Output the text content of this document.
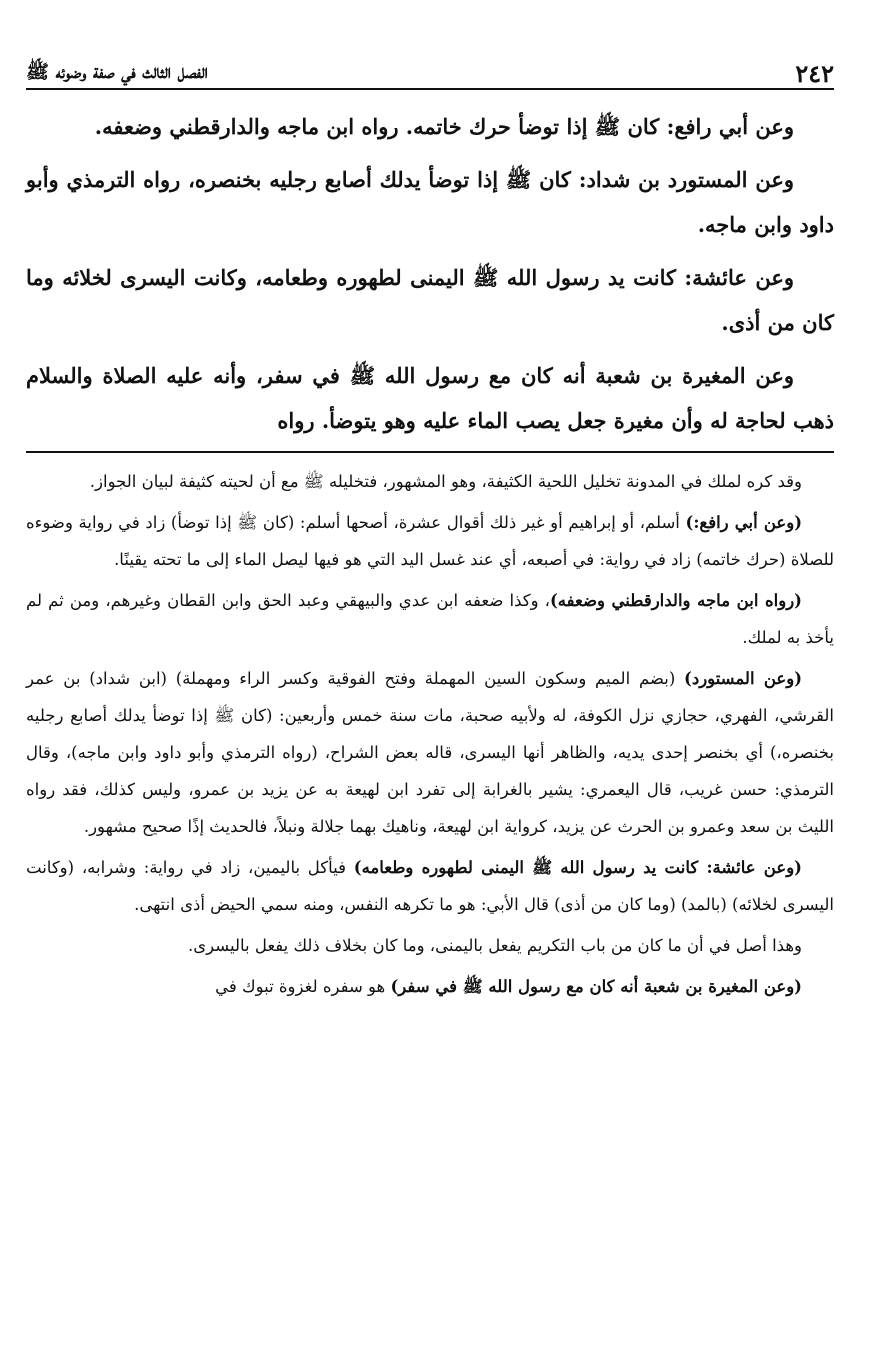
٢٤٢
الفصل الثالث في صفة وضوئه ﷺ

وعن أبي رافع: كان ﷺ إذا توضأ حرك خاتمه. رواه ابن ماجه والدارقطني وضعفه.

وعن المستورد بن شداد: كان ﷺ إذا توضأ يدلك أصابع رجليه بخنصره، رواه الترمذي وأبو داود وابن ماجه.

وعن عائشة: كانت يد رسول الله ﷺ اليمنى لطهوره وطعامه، وكانت اليسرى لخلائه وما كان من أذى.

وعن المغيرة بن شعبة أنه كان مع رسول الله ﷺ في سفر، وأنه عليه الصلاة والسلام ذهب لحاجة له وأن مغيرة جعل يصب الماء عليه وهو يتوضأ. رواه

وقد كره لملك في المدونة تخليل اللحية الكثيفة، وهو المشهور، فتخليله ﷺ مع أن لحيته كثيفة لبيان الجواز.

(وعن أبي رافع:) أسلم، أو إبراهيم أو غير ذلك أقوال عشرة، أصحها أسلم: (كان ﷺ إذا توضأ) زاد في رواية وضوءه للصلاة (حرك خاتمه) زاد في رواية: في أصبعه، أي عند غسل اليد التي هو فيها ليصل الماء إلى ما تحته يقينًا.

(رواه ابن ماجه والدارقطني وضعفه)، وكذا ضعفه ابن عدي والبيهقي وعبد الحق وابن القطان وغيرهم، ومن ثم لم يأخذ به لملك.

(وعن المستورد) (بضم الميم وسكون السين المهملة وفتح الفوقية وكسر الراء ومهملة) (ابن شداد) بن عمر القرشي، الفهري، حجازي نزل الكوفة، له ولأبيه صحبة، مات سنة خمس وأربعين: (كان ﷺ إذا توضأ يدلك أصابع رجليه بخنصره،) أي بخنصر إحدى يديه، والظاهر أنها اليسرى، قاله بعض الشراح، (رواه الترمذي وأبو داود وابن ماجه)، وقال الترمذي: حسن غريب، قال اليعمري: يشير بالغرابة إلى تفرد ابن لهيعة به عن يزيد بن عمرو، وليس كذلك، فقد رواه الليث بن سعد وعمرو بن الحرث عن يزيد، كرواية ابن لهيعة، وناهيك بهما جلالة ونبلاً، فالحديث إذًا صحيح مشهور.

(وعن عائشة: كانت يد رسول الله ﷺ اليمنى لطهوره وطعامه) فيأكل باليمين، زاد في رواية: وشرابه، (وكانت اليسرى لخلائه) (بالمد) (وما كان من أذى) قال الأبي: هو ما تكرهه النفس، ومنه سمي الحيض أذى انتهى.

وهذا أصل في أن ما كان من باب التكريم يفعل باليمنى، وما كان بخلاف ذلك يفعل باليسرى.

(وعن المغيرة بن شعبة أنه كان مع رسول الله ﷺ في سفر) هو سفره لغزوة تبوك في
